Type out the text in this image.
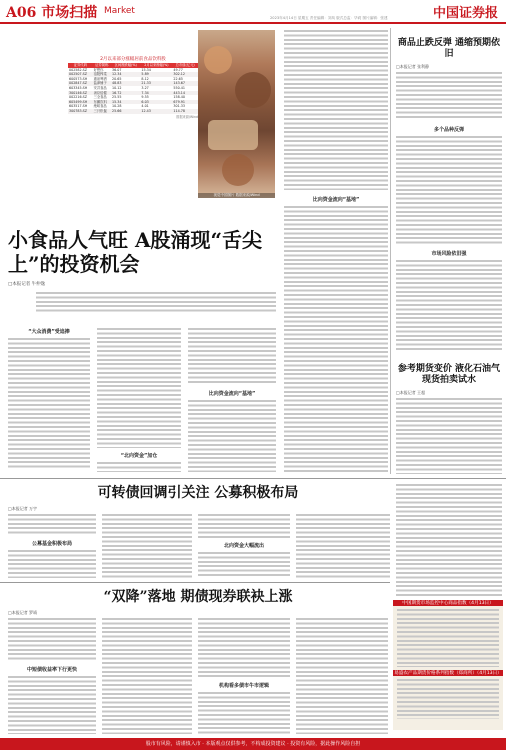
A06 市场扫描 Market	中国证券报
2023年4月14日 星期五 责任编辑：刘凤 版式总监：毕莉 图片编辑：张建
2月以来部分涨幅居前食品饮料股
证券代码	证券简称	区间涨跌幅(%)	2月以来涨幅(%)	总市值(亿元)
002582.SZ	好想你	36.07	15.34	49.77
002507.SZ	涪陵榨菜	12.34	5.89	302.12
600573.SH	惠泉啤酒	20.65	8.12	22.65
002847.SZ	盐津铺子	48.83	21.33	143.67
603345.SH	安井食品	10.12	3.27	550.41
300146.SZ	汤臣倍健	16.72	7.34	443.14
002216.SZ	三全食品	25.55	9.55	158.40
605499.SH	东鹏饮料	15.34	6.03	679.91
603517.SH	绝味食品	10.28	4.01	301.33
300783.SZ	三只松鼠	25.66	12.43	114.78
数据来源/Wind
视觉中国图片 数据来源/Wind
小食品人气旺 A股涌现“舌尖上”的投资机会
□本报记者 牛仲逸
“大众消费”受追捧
“北向资金”加仓
比向资金流向“基地”
比向资金流向“基地”
商品止跌反弹 通缩预期依旧
□本报记者 张利静
多个品种反弹
市场风险依旧强
参考期货变价 液化石油气现货拍卖试水
□本报记者 王超
可转债回调引关注 公募积极布局
□本报记者 万宇
公募基金积极布局	北向资金大幅流出
“双降”落地 期债现券联袂上涨
□本报记者 罗靖
中短债收益率下行更快
机构看多债市牛市逻辑
中国期货市场监控中心商品指数（4月13日）
易盛农产品期货价格系列指数（郑商所）（4月13日）
股市有风险，请谨慎入市 · 本版观点仅供参考，不构成投资建议 · 投资有风险，据此操作风险自担
